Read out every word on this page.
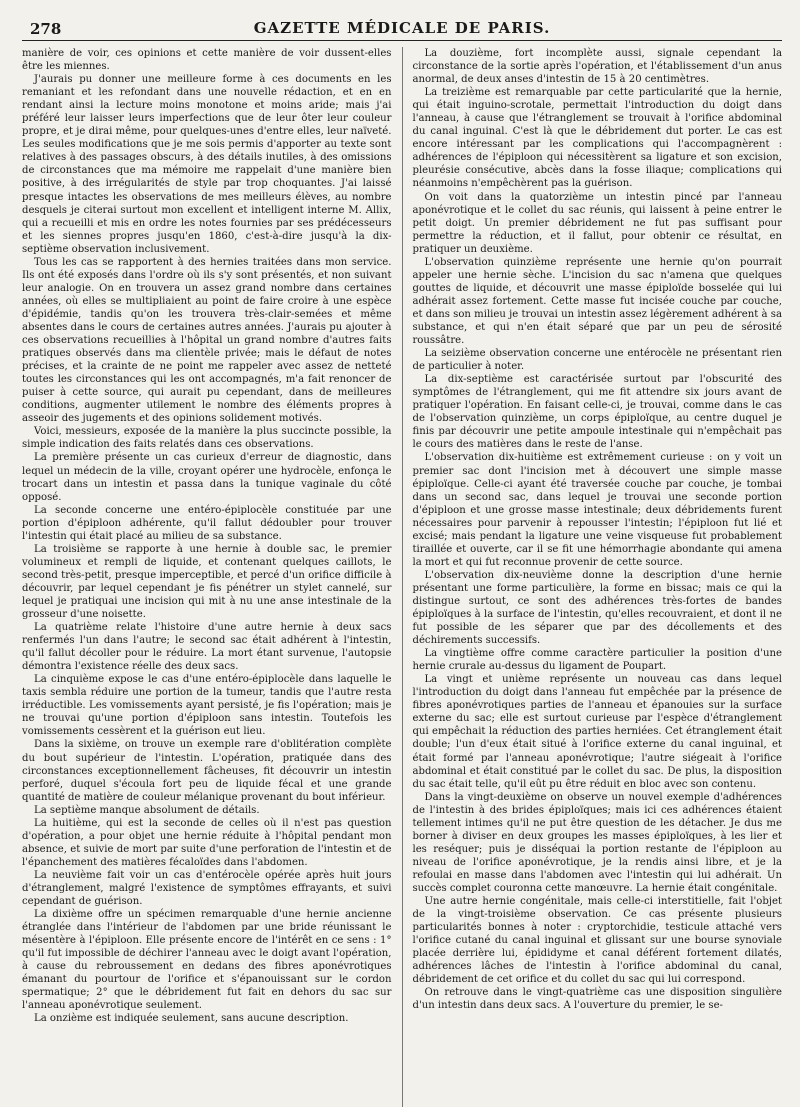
278	GAZETTE MÉDICALE DE PARIS.

manière de voir, ces opinions et cette manière de voir dussent-elles être les miennes.

J'aurais pu donner une meilleure forme à ces documents en les remaniant et les refondant dans une nouvelle rédaction, et en en rendant ainsi la lecture moins monotone et moins aride; mais j'ai préféré leur laisser leurs imperfections que de leur ôter leur couleur propre, et je dirai même, pour quelques-unes d'entre elles, leur naïveté. Les seules modifications que je me sois permis d'apporter au texte sont relatives à des passages obscurs, à des détails inutiles, à des omissions de circonstances que ma mémoire me rappelait d'une manière bien positive, à des irrégularités de style par trop choquantes. J'ai laissé presque intactes les observations de mes meilleurs élèves, au nombre desquels je citerai surtout mon excellent et intelligent interne M. Allix, qui a recueilli et mis en ordre les notes fournies par ses prédécesseurs et les siennes propres jusqu'en 1860, c'est-à-dire jusqu'à la dix-septième observation inclusivement.

Tous les cas se rapportent à des hernies traitées dans mon service. Ils ont été exposés dans l'ordre où ils s'y sont présentés, et non suivant leur analogie. On en trouvera un assez grand nombre dans certaines années, où elles se multipliaient au point de faire croire à une espèce d'épidémie, tandis qu'on les trouvera très-clair-semées et même absentes dans le cours de certaines autres années. J'aurais pu ajouter à ces observations recueillies à l'hôpital un grand nombre d'autres faits pratiques observés dans ma clientèle privée; mais le défaut de notes précises, et la crainte de ne point me rappeler avec assez de netteté toutes les circonstances qui les ont accompagnés, m'a fait renoncer de puiser à cette source, qui aurait pu cependant, dans de meilleures conditions, augmenter utilement le nombre des éléments propres à asseoir des jugements et des opinions solidement motivés.

Voici, messieurs, exposée de la manière la plus succincte possible, la simple indication des faits relatés dans ces observations.

La première présente un cas curieux d'erreur de diagnostic, dans lequel un médecin de la ville, croyant opérer une hydrocèle, enfonça le trocart dans un intestin et passa dans la tunique vaginale du côté opposé.

La seconde concerne une entéro-épiplocèle constituée par une portion d'épiploon adhérente, qu'il fallut dédoubler pour trouver l'intestin qui était placé au milieu de sa substance.

La troisième se rapporte à une hernie à double sac, le premier volumineux et rempli de liquide, et contenant quelques caillots, le second très-petit, presque imperceptible, et percé d'un orifice difficile à découvrir, par lequel cependant je fis pénétrer un stylet cannelé, sur lequel je pratiquai une incision qui mit à nu une anse intestinale de la grosseur d'une noisette.

La quatrième relate l'histoire d'une autre hernie à deux sacs renfermés l'un dans l'autre; le second sac était adhérent à l'intestin, qu'il fallut décoller pour le réduire. La mort étant survenue, l'autopsie démontra l'existence réelle des deux sacs.

La cinquième expose le cas d'une entéro-épiplocèle dans laquelle le taxis sembla réduire une portion de la tumeur, tandis que l'autre resta irréductible. Les vomissements ayant persisté, je fis l'opération; mais je ne trouvai qu'une portion d'épiploon sans intestin. Toutefois les vomissements cessèrent et la guérison eut lieu.

Dans la sixième, on trouve un exemple rare d'oblitération complète du bout supérieur de l'intestin. L'opération, pratiquée dans des circonstances exceptionnellement fâcheuses, fit découvrir un intestin perforé, duquel s'écoula fort peu de liquide fécal et une grande quantité de matière de couleur mélanique provenant du bout inférieur.

La septième manque absolument de détails.

La huitième, qui est la seconde de celles où il n'est pas question d'opération, a pour objet une hernie réduite à l'hôpital pendant mon absence, et suivie de mort par suite d'une perforation de l'intestin et de l'épanchement des matières fécaloïdes dans l'abdomen.

La neuvième fait voir un cas d'entérocèle opérée après huit jours d'étranglement, malgré l'existence de symptômes effrayants, et suivi cependant de guérison.

La dixième offre un spécimen remarquable d'une hernie ancienne étranglée dans l'intérieur de l'abdomen par une bride réunissant le mésentère à l'épiploon. Elle présente encore de l'intérêt en ce sens : 1° qu'il fut impossible de déchirer l'anneau avec le doigt avant l'opération, à cause du rebroussement en dedans des fibres aponévrotiques émanant du pourtour de l'orifice et s'épanouissant sur le cordon spermatique; 2° que le débridement fut fait en dehors du sac sur l'anneau aponévrotique seulement.

La onzième est indiquée seulement, sans aucune description.

La douzième, fort incomplète aussi, signale cependant la circonstance de la sortie après l'opération, et l'établissement d'un anus anormal, de deux anses d'intestin de 15 à 20 centimètres.

La treizième est remarquable par cette particularité que la hernie, qui était inguino-scrotale, permettait l'introduction du doigt dans l'anneau, à cause que l'étranglement se trouvait à l'orifice abdominal du canal inguinal. C'est là que le débridement dut porter. Le cas est encore intéressant par les complications qui l'accompagnèrent : adhérences de l'épiploon qui nécessitèrent sa ligature et son excision, pleurésie consécutive, abcès dans la fosse iliaque; complications qui néanmoins n'empêchèrent pas la guérison.

On voit dans la quatorzième un intestin pincé par l'anneau aponévrotique et le collet du sac réunis, qui laissent à peine entrer le petit doigt. Un premier débridement ne fut pas suffisant pour permettre la réduction, et il fallut, pour obtenir ce résultat, en pratiquer un deuxième.

L'observation quinzième représente une hernie qu'on pourrait appeler une hernie sèche. L'incision du sac n'amena que quelques gouttes de liquide, et découvrit une masse épiploïde bosselée qui lui adhérait assez fortement. Cette masse fut incisée couche par couche, et dans son milieu je trouvai un intestin assez légèrement adhérent à sa substance, et qui n'en était séparé que par un peu de sérosité roussâtre.

La seizième observation concerne une entérocèle ne présentant rien de particulier à noter.

La dix-septième est caractérisée surtout par l'obscurité des symptômes de l'étranglement, qui me fit attendre six jours avant de pratiquer l'opération. En faisant celle-ci, je trouvai, comme dans le cas de l'observation quinzième, un corps épiploïque, au centre duquel je finis par découvrir une petite ampoule intestinale qui n'empêchait pas le cours des matières dans le reste de l'anse.

L'observation dix-huitième est extrêmement curieuse : on y voit un premier sac dont l'incision met à découvert une simple masse épiploïque. Celle-ci ayant été traversée couche par couche, je tombai dans un second sac, dans lequel je trouvai une seconde portion d'épiploon et une grosse masse intestinale; deux débridements furent nécessaires pour parvenir à repousser l'intestin; l'épiploon fut lié et excisé; mais pendant la ligature une veine visqueuse fut probablement tiraillée et ouverte, car il se fit une hémorrhagie abondante qui amena la mort et qui fut reconnue provenir de cette source.

L'observation dix-neuvième donne la description d'une hernie présentant une forme particulière, la forme en bissac; mais ce qui la distingue surtout, ce sont des adhérences très-fortes de bandes épiploïques à la surface de l'intestin, qu'elles recouvraient, et dont il ne fut possible de les séparer que par des décollements et des déchirements successifs.

La vingtième offre comme caractère particulier la position d'une hernie crurale au-dessus du ligament de Poupart.

La vingt et unième représente un nouveau cas dans lequel l'introduction du doigt dans l'anneau fut empêchée par la présence de fibres aponévrotiques parties de l'anneau et épanouies sur la surface externe du sac; elle est surtout curieuse par l'espèce d'étranglement qui empêchait la réduction des parties herniées. Cet étranglement était double; l'un d'eux était situé à l'orifice externe du canal inguinal, et était formé par l'anneau aponévrotique; l'autre siégeait à l'orifice abdominal et était constitué par le collet du sac. De plus, la disposition du sac était telle, qu'il eût pu être réduit en bloc avec son contenu.

Dans la vingt-deuxième on observe un nouvel exemple d'adhérences de l'intestin à des brides épiploïques; mais ici ces adhérences étaient tellement intimes qu'il ne put être question de les détacher. Je dus me borner à diviser en deux groupes les masses épiploïques, à les lier et les reséquer; puis je disséquai la portion restante de l'épiploon au niveau de l'orifice aponévrotique, je la rendis ainsi libre, et je la refoulai en masse dans l'abdomen avec l'intestin qui lui adhérait. Un succès complet couronna cette manœuvre. La hernie était congénitale.

Une autre hernie congénitale, mais celle-ci interstitielle, fait l'objet de la vingt-troisième observation. Ce cas présente plusieurs particularités bonnes à noter : cryptorchidie, testicule attaché vers l'orifice cutané du canal inguinal et glissant sur une bourse synoviale placée derrière lui, épididyme et canal déférent fortement dilatés, adhérences lâches de l'intestin à l'orifice abdominal du canal, débridement de cet orifice et du collet du sac qui lui correspond.

On retrouve dans le vingt-quatrième cas une disposition singulière d'un intestin dans deux sacs. A l'ouverture du premier, le se-
